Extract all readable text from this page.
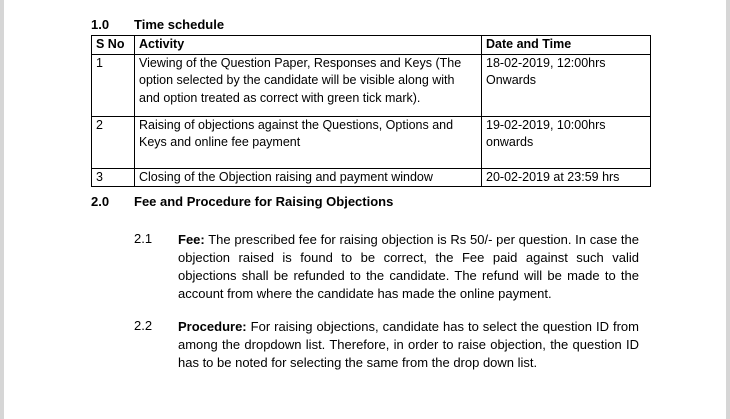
1.0 Time schedule
S No	Activity	Date and Time
1	Viewing of the Question Paper, Responses and Keys (The option selected by the candidate will be visible along with and option treated as correct with green tick mark).	18-02-2019, 12:00hrs
Onwards

2	Raising of objections against the Questions, Options and Keys and online fee payment	19-02-2019, 10:00hrs
onwards

3	Closing of the Objection raising and payment window	20-02-2019 at 23:59 hrs
2.0 Fee and Procedure for Raising Objections
2.1 Fee: The prescribed fee for raising objection is Rs 50/- per question. In case the objection raised is found to be correct, the Fee paid against such valid objections shall be refunded to the candidate. The refund will be made to the account from where the candidate has made the online payment.
2.2 Procedure: For raising objections, candidate has to select the question ID from among the dropdown list. Therefore, in order to raise objection, the question ID has to be noted for selecting the same from the drop down list.
